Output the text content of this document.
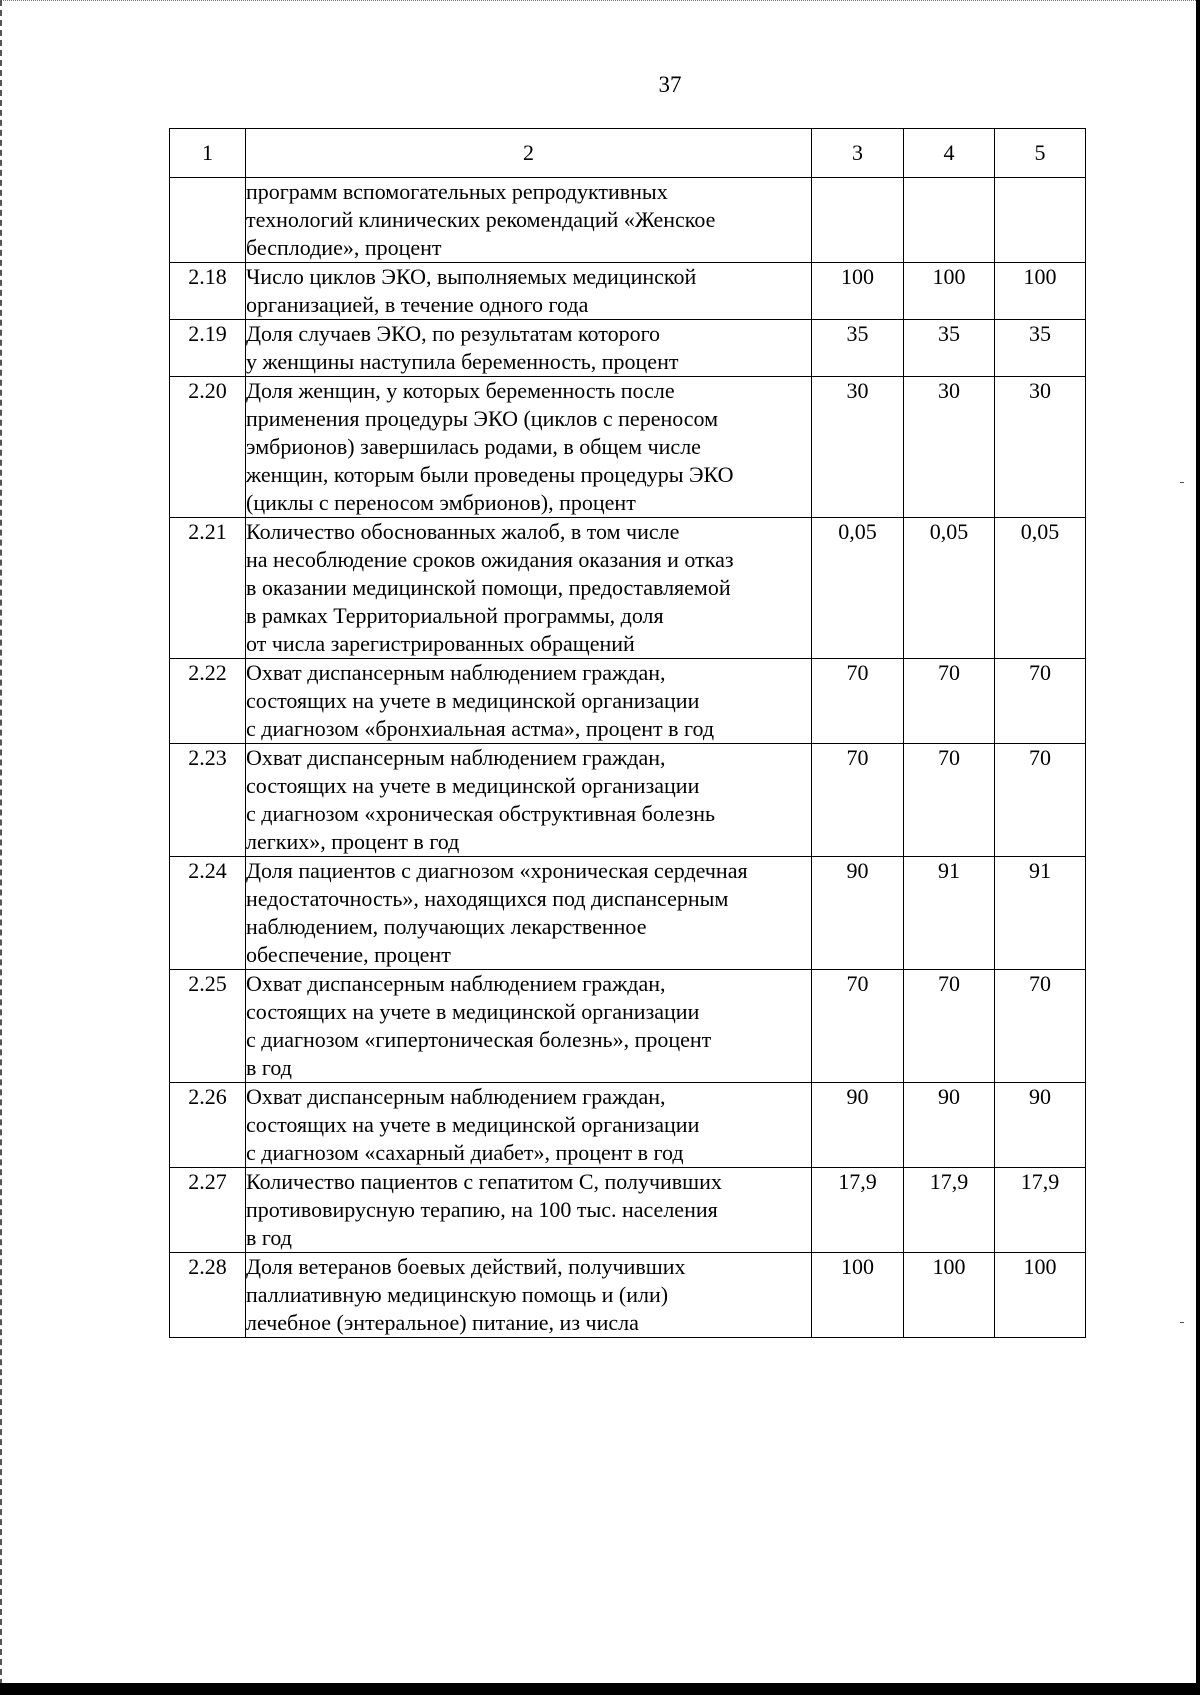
37
1	2	3	4	5

	программ вспомогательных репродуктивных
технологий клинических рекомендаций «Женское
бесплодие», процент			

2.18	Число циклов ЭКО, выполняемых медицинской
организацией, в течение одного года	100	100	100
2.19	Доля случаев ЭКО, по результатам которого
у женщины наступила беременность, процент	35	35	35
2.20	Доля женщин, у которых беременность после
применения процедуры ЭКО (циклов с переносом
эмбрионов) завершилась родами, в общем числе
женщин, которым были проведены процедуры ЭКО
(циклы с переносом эмбрионов), процент	30	30	30
2.21	Количество обоснованных жалоб, в том числе
на несоблюдение сроков ожидания оказания и отказ
в оказании медицинской помощи, предоставляемой
в рамках Территориальной программы, доля
от числа зарегистрированных обращений	0,05	0,05	0,05
2.22	Охват диспансерным наблюдением граждан,
состоящих на учете в медицинской организации
с диагнозом «бронхиальная астма», процент в год	70	70	70
2.23	Охват диспансерным наблюдением граждан,
состоящих на учете в медицинской организации
с диагнозом «хроническая обструктивная болезнь
легких», процент в год	70	70	70
2.24	Доля пациентов с диагнозом «хроническая сердечная
недостаточность», находящихся под диспансерным
наблюдением, получающих лекарственное
обеспечение, процент	90	91	91
2.25	Охват диспансерным наблюдением граждан,
состоящих на учете в медицинской организации
с диагнозом «гипертоническая болезнь», процент
в год	70	70	70
2.26	Охват диспансерным наблюдением граждан,
состоящих на учете в медицинской организации
с диагнозом «сахарный диабет», процент в год	90	90	90
2.27	Количество пациентов с гепатитом С, получивших
противовирусную терапию, на 100 тыс. населения
в год	17,9	17,9	17,9
2.28	Доля ветеранов боевых действий, получивших
паллиативную медицинскую помощь и (или)
лечебное (энтеральное) питание, из числа	100	100	100
